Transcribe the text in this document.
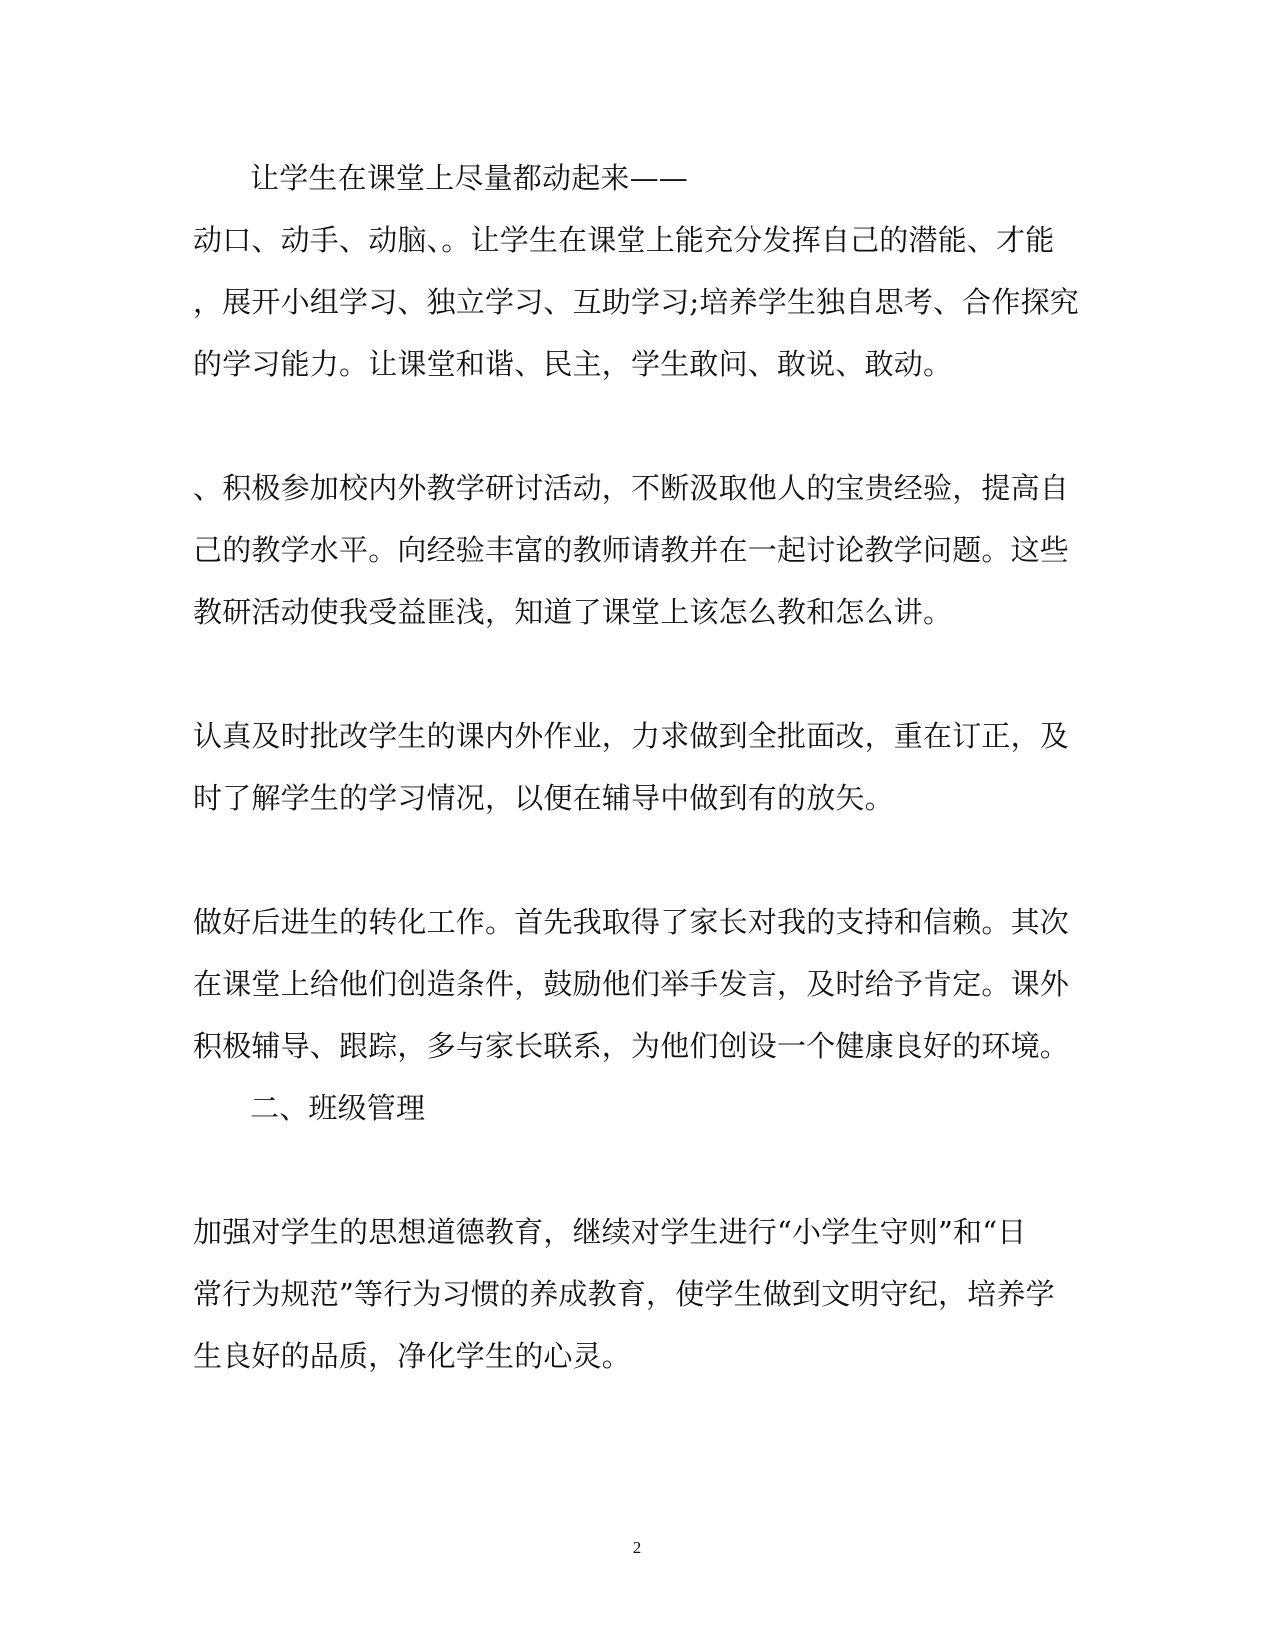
让学生在课堂上尽量都动起来——
动口、动手、动脑、。让学生在课堂上能充分发挥自己的潜能、才能
，展开小组学习、独立学习、互助学习;培养学生独自思考、合作探究
的学习能力。让课堂和谐、民主，学生敢问、敢说、敢动。
、积极参加校内外教学研讨活动，不断汲取他人的宝贵经验，提高自
己的教学水平。向经验丰富的教师请教并在一起讨论教学问题。这些
教研活动使我受益匪浅，知道了课堂上该怎么教和怎么讲。
认真及时批改学生的课内外作业，力求做到全批面改，重在订正，及
时了解学生的学习情况，以便在辅导中做到有的放矢。
做好后进生的转化工作。首先我取得了家长对我的支持和信赖。其次
在课堂上给他们创造条件，鼓励他们举手发言，及时给予肯定。课外
积极辅导、跟踪，多与家长联系，为他们创设一个健康良好的环境。
二、班级管理
加强对学生的思想道德教育，继续对学生进行“小学生守则”和“日
常行为规范”等行为习惯的养成教育，使学生做到文明守纪，培养学
生良好的品质，净化学生的心灵。
2
